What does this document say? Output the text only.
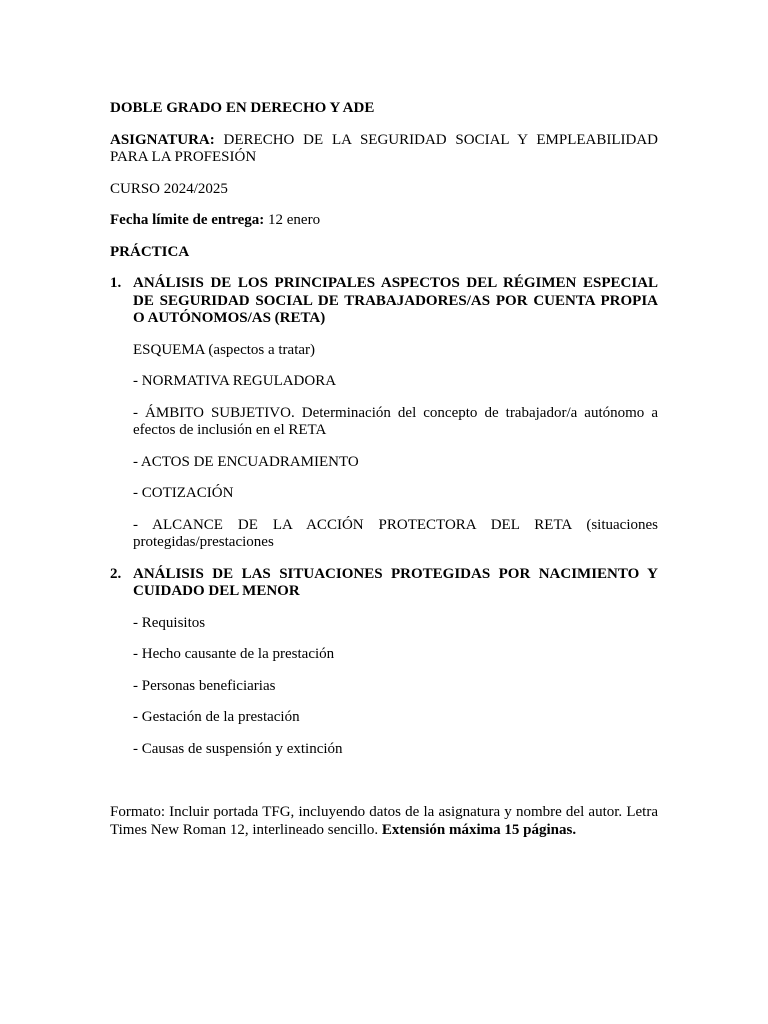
DOBLE GRADO EN DERECHO Y ADE

ASIGNATURA: DERECHO DE LA SEGURIDAD SOCIAL Y EMPLEABILIDAD PARA LA PROFESIÓN

CURSO 2024/2025

Fecha límite de entrega: 12 enero

PRÁCTICA

1. ANÁLISIS DE LOS PRINCIPALES ASPECTOS DEL RÉGIMEN ESPECIAL DE SEGURIDAD SOCIAL DE TRABAJADORES/AS POR CUENTA PROPIA O AUTÓNOMOS/AS (RETA)

ESQUEMA (aspectos a tratar)

- NORMATIVA REGULADORA

- ÁMBITO SUBJETIVO. Determinación del concepto de trabajador/a autónomo a efectos de inclusión en el RETA

- ACTOS DE ENCUADRAMIENTO

- COTIZACIÓN

- ALCANCE DE LA ACCIÓN PROTECTORA DEL RETA (situaciones protegidas/prestaciones

2. ANÁLISIS DE LAS SITUACIONES PROTEGIDAS POR NACIMIENTO Y CUIDADO DEL MENOR

- Requisitos

- Hecho causante de la prestación

- Personas beneficiarias

- Gestación de la prestación

- Causas de suspensión y extinción

Formato: Incluir portada TFG, incluyendo datos de la asignatura y nombre del autor. Letra Times New Roman 12, interlineado sencillo. Extensión máxima 15 páginas.
